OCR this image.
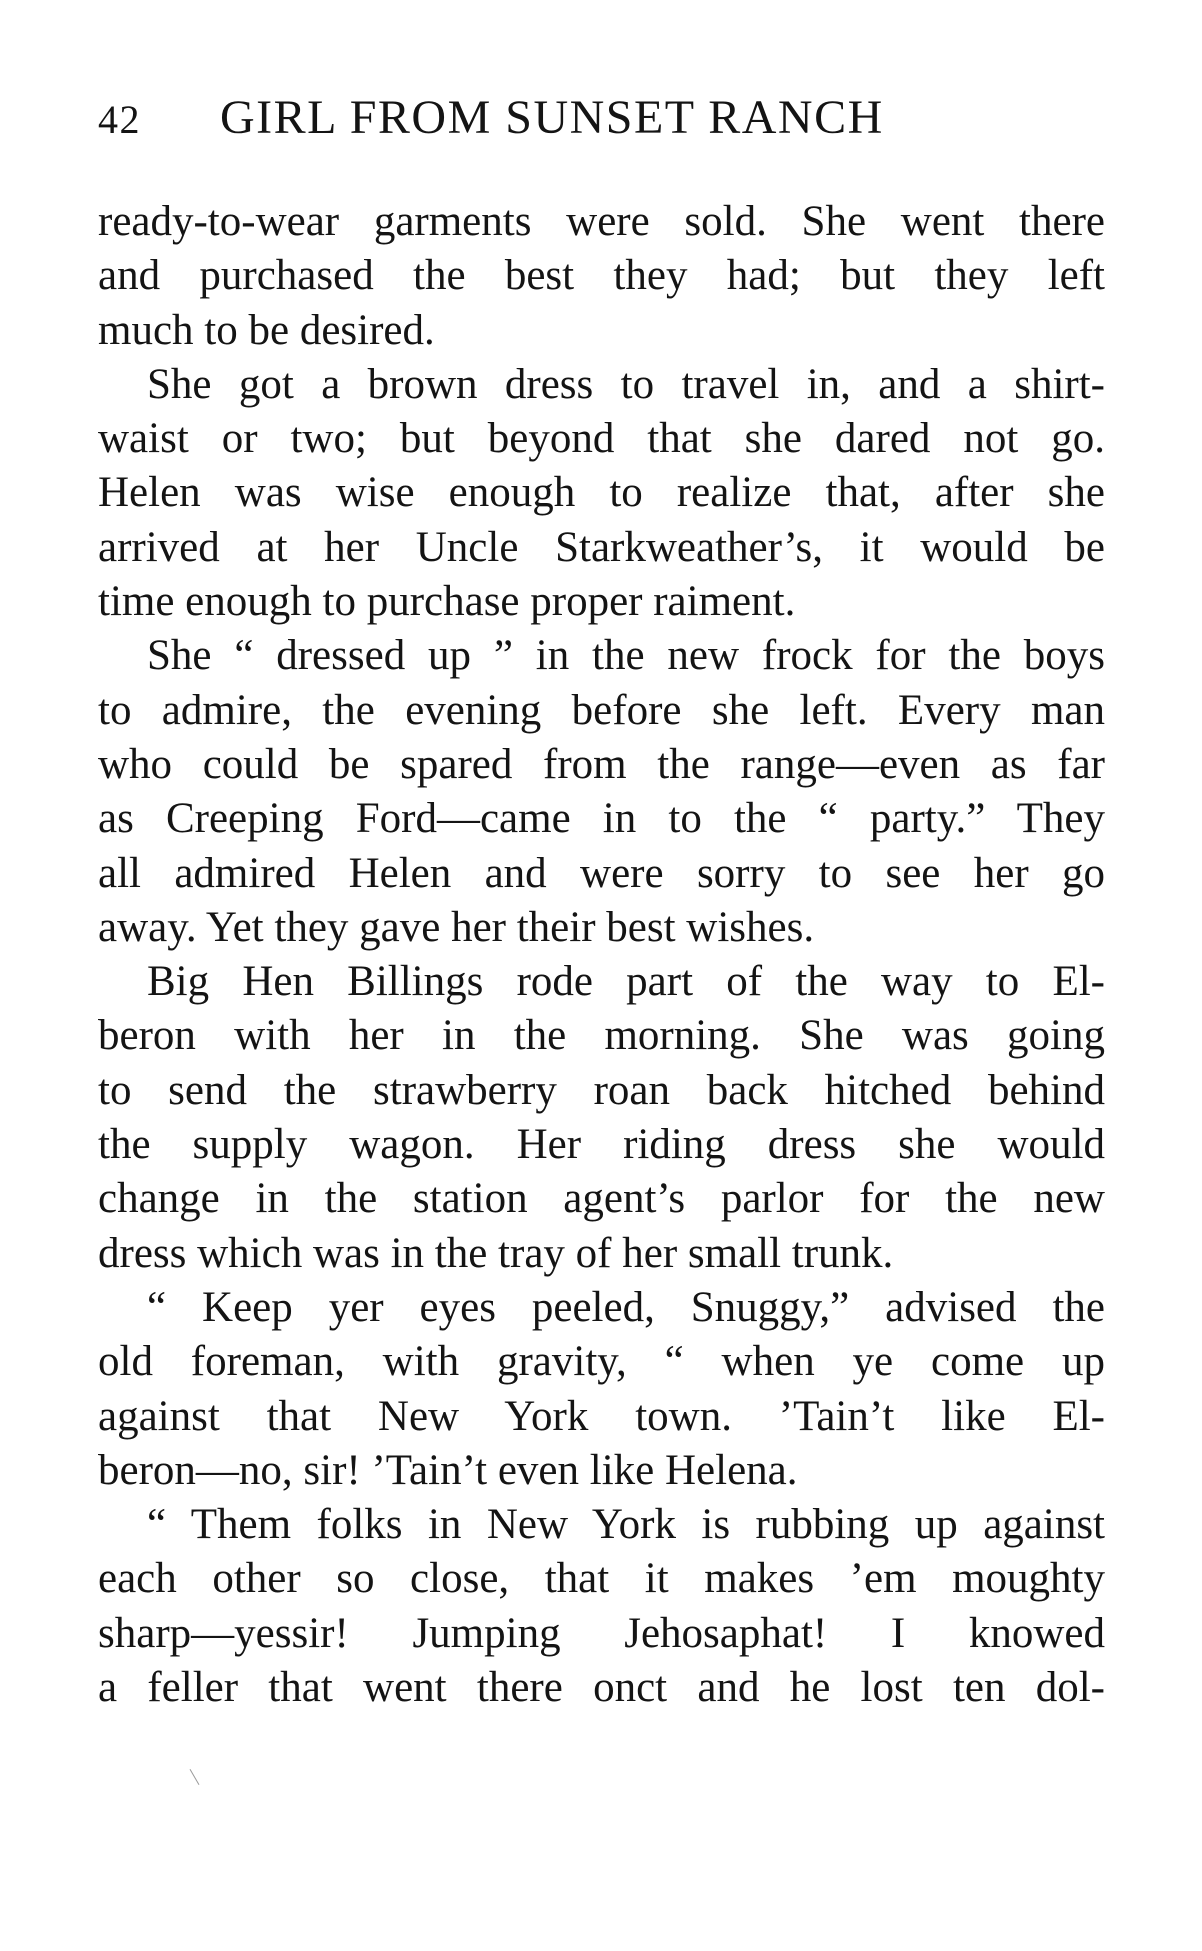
42 GIRL FROM SUNSET RANCH
ready-to-wear garments were sold. She went there
and purchased the best they had; but they left
much to be desired.
She got a brown dress to travel in, and a shirt-
waist or two; but beyond that she dared not go.
Helen was wise enough to realize that, after she
arrived at her Uncle Starkweather’s, it would be
time enough to purchase proper raiment.
She “ dressed up ” in the new frock for the boys
to admire, the evening before she left. Every man
who could be spared from the range—even as far
as Creeping Ford—came in to the “ party.” They
all admired Helen and were sorry to see her go
away. Yet they gave her their best wishes.
Big Hen Billings rode part of the way to El-
beron with her in the morning. She was going
to send the strawberry roan back hitched behind
the supply wagon. Her riding dress she would
change in the station agent’s parlor for the new
dress which was in the tray of her small trunk.
“ Keep yer eyes peeled, Snuggy,” advised the
old foreman, with gravity, “ when ye come up
against that New York town. ’Tain’t like El-
beron—no, sir! ’Tain’t even like Helena.
“ Them folks in New York is rubbing up against
each other so close, that it makes ’em moughty
sharp—yessir! Jumping Jehosaphat! I knowed
a feller that went there onct and he lost ten dol-
